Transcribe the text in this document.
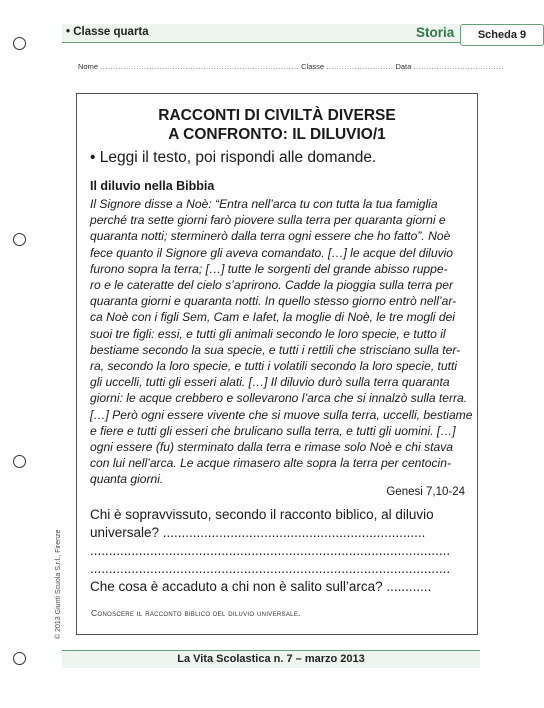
• Classe quarta	Storia	Scheda 9
Nome ............................................................................. Classe .......................... Data ...................................
RACCONTI DI CIVILTÀ DIVERSE
A CONFRONTO: IL DILUVIO/1
• Leggi il testo, poi rispondi alle domande.
Il diluvio nella Bibbia
Il Signore disse a Noè: “Entra nell’arca tu con tutta la tua famiglia
perché tra sette giorni farò piovere sulla terra per quaranta giorni e
quaranta notti; sterminerò dalla terra ogni essere che ho fatto”. Noè
fece quanto il Signore gli aveva comandato. […] le acque del diluvio
furono sopra la terra; […] tutte le sorgenti del grande abisso ruppe-
ro e le cateratte del cielo s’aprirono. Cadde la pioggia sulla terra per
quaranta giorni e quaranta notti. In quello stesso giorno entrò nell’ar-
ca Noè con i figli Sem, Cam e Iafet, la moglie di Noè, le tre mogli dei
suoi tre figli: essi, e tutti gli animali secondo le loro specie, e tutto il
bestiame secondo la sua specie, e tutti i rettili che strisciano sulla ter-
ra, secondo la loro specie, e tutti i volatili secondo la loro specie, tutti
gli uccelli, tutti gli esseri alati. […] Il diluvio durò sulla terra quaranta
giorni: le acque crebbero e sollevarono l’arca che si innalzò sulla terra.
[…] Però ogni essere vivente che si muove sulla terra, uccelli, bestiame
e fiere e tutti gli esseri che brulicano sulla terra, e tutti gli uomini. […]
ogni essere (fu) sterminato dalla terra e rimase solo Noè e chi stava
con lui nell’arca. Le acque rimasero alte sopra la terra per centocin-
quanta giorni.
Genesi 7,10-24
Chi è sopravvissuto, secondo il racconto biblico, al diluvio
universale? ......................................................................
................................................................................................
................................................................................................
Che cosa è accaduto a chi non è salito sull’arca? ............
Conoscere il racconto biblico del diluvio universale.
© 2013 Giunti Scuola S.r.l., Firenze
La Vita Scolastica n. 7 – marzo 2013
